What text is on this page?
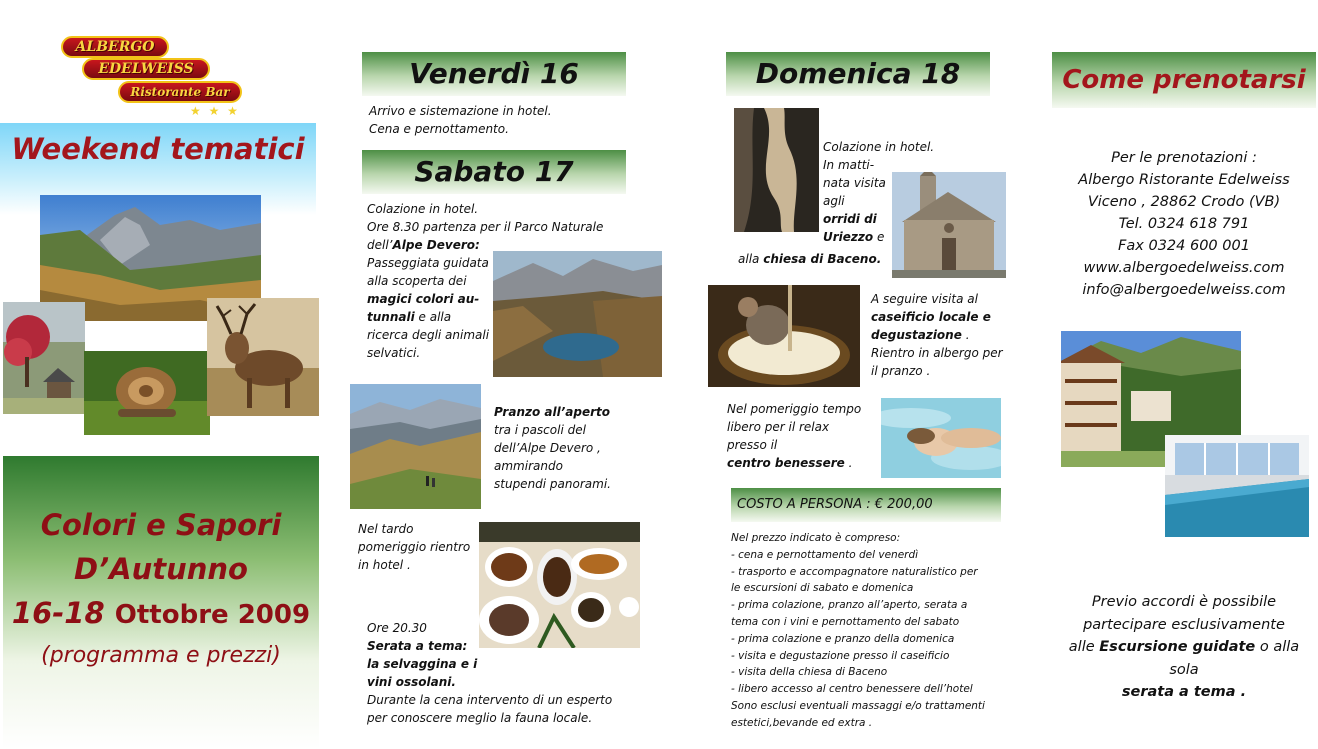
ALBERGO
EDELWEISS
Ristorante Bar
★ ★ ★
Weekend tematici
Colori e Sapori
D’Autunno
16-18 Ottobre 2009
(programma e prezzi)
Venerdì 16

Arrivo e sistemazione in hotel.

Cena e pernottamento.

Sabato 17

Colazione in hotel.

Ore 8.30 partenza per il Parco Naturale

dell’Alpe Devero:

Passeggiata guidata

alla scoperta dei

magici colori au-

tunnali e alla

ricerca degli animali

selvatici.

Pranzo all’aperto

tra i pascoli del

dell’Alpe Devero ,

ammirando

stupendi panorami.

Nel tardo

pomeriggio rientro

in hotel .

Ore 20.30

Serata a tema:

la selvaggina e i

vini ossolani.

Durante la cena intervento di un esperto

per conoscere meglio la fauna locale.

Domenica 18

Colazione in hotel.

In matti-

nata visita

agli

orridi di

Uriezzo e

alla chiesa di Baceno.

A seguire visita al

caseificio locale e

degustazione .

Rientro in albergo per

il pranzo .

Nel pomeriggio tempo

libero per il relax

presso il

centro benessere .

COSTO A PERSONA : € 200,00

Nel prezzo indicato è compreso:

- cena e pernottamento del venerdì

- trasporto e accompagnatore naturalistico per

le escursioni di sabato e domenica

- prima colazione, pranzo all’aperto, serata a

tema con i vini e pernottamento del sabato

- prima colazione e pranzo della domenica

- visita e degustazione presso il caseificio

- visita della chiesa di Baceno

- libero accesso al centro benessere dell’hotel

Sono esclusi eventuali massaggi e/o trattamenti

estetici,bevande ed extra .

Come prenotarsi

Per le prenotazioni :

Albergo Ristorante Edelweiss

Viceno , 28862 Crodo (VB)

Tel. 0324 618 791

Fax 0324 600 001

www.albergoedelweiss.com

info@albergoedelweiss.com

Previo accordi è possibile

partecipare esclusivamente

alle Escursione guidate o alla sola

serata a tema .
